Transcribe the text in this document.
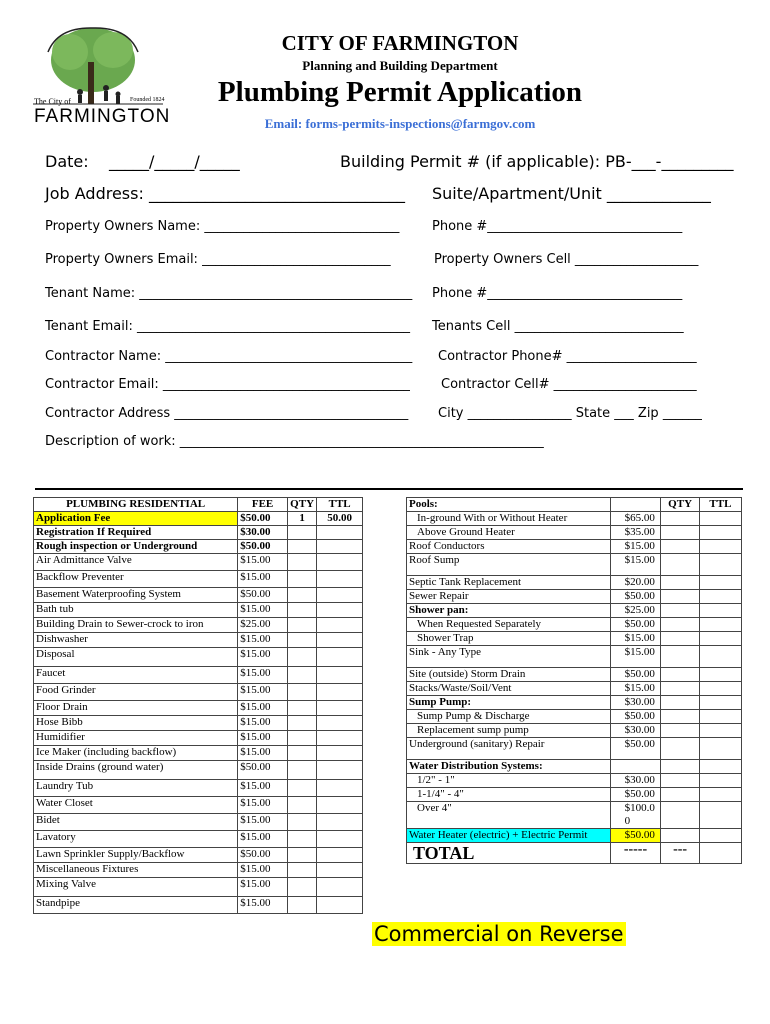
The City of	Founded 1824
FARMINGTON
CITY OF FARMINGTON
Planning and Building Department
Plumbing Permit Application
Email: forms-permits-inspections@farmgov.com
Date: _____/_____/_____	Building Permit # (if applicable): PB-___-_________
Job Address: ________________________________ Suite/Apartment/Unit _____________
Property Owners Name: ______________________________	Phone #______________________________
Property Owners Email: _____________________________	Property Owners Cell ___________________
Tenant Name: __________________________________________ Phone #______________________________
Tenant Email: __________________________________________ Tenants Cell __________________________
Contractor Name: ______________________________________ Contractor Phone# ____________________
Contractor Email: ______________________________________ Contractor Cell# ______________________
Contractor Address ____________________________________ City ________________ State ___ Zip ______
Description of work: ________________________________________________________
PLUMBING RESIDENTIAL	FEE	QTY	TTL
Application Fee	$50.00	1	50.00
Registration If Required	$30.00		
Rough inspection or Underground	$50.00		
Air Admittance Valve	$15.00		
Backflow Preventer	$15.00		
Basement Waterproofing System	$50.00		
Bath tub	$15.00		
Building Drain to Sewer-crock to iron	$25.00		
Dishwasher	$15.00		
Disposal	$15.00		
Faucet	$15.00		
Food Grinder	$15.00		
Floor Drain	$15.00		
Hose Bibb	$15.00		
Humidifier	$15.00		
Ice Maker (including backflow)	$15.00		
Inside Drains (ground water)	$50.00		
Laundry Tub	$15.00		
Water Closet	$15.00		
Bidet	$15.00		
Lavatory	$15.00		
Lawn Sprinkler Supply/Backflow	$50.00		
Miscellaneous Fixtures	$15.00		
Mixing Valve	$15.00		
Standpipe	$15.00		
Pools:		QTY	TTL
In-ground With or Without Heater	$65.00		
Above Ground Heater	$35.00		
Roof Conductors	$15.00		
Roof Sump	$15.00		
Septic Tank Replacement	$20.00		
Sewer Repair	$50.00		
Shower pan:	$25.00		
When Requested Separately	$50.00		
Shower Trap	$15.00		
Sink - Any Type	$15.00		
Site (outside) Storm Drain	$50.00		
Stacks/Waste/Soil/Vent	$15.00		
Sump Pump:	$30.00		
Sump Pump & Discharge	$50.00		
Replacement sump pump	$30.00		
Underground (sanitary) Repair	$50.00		
Water Distribution Systems:			
1/2" - 1"	$30.00		
1-1/4" - 4"	$50.00		
Over 4"	$100.0
0		
Water Heater (electric) + Electric Permit	$50.00		
TOTAL	-----	---	
Commercial on Reverse
